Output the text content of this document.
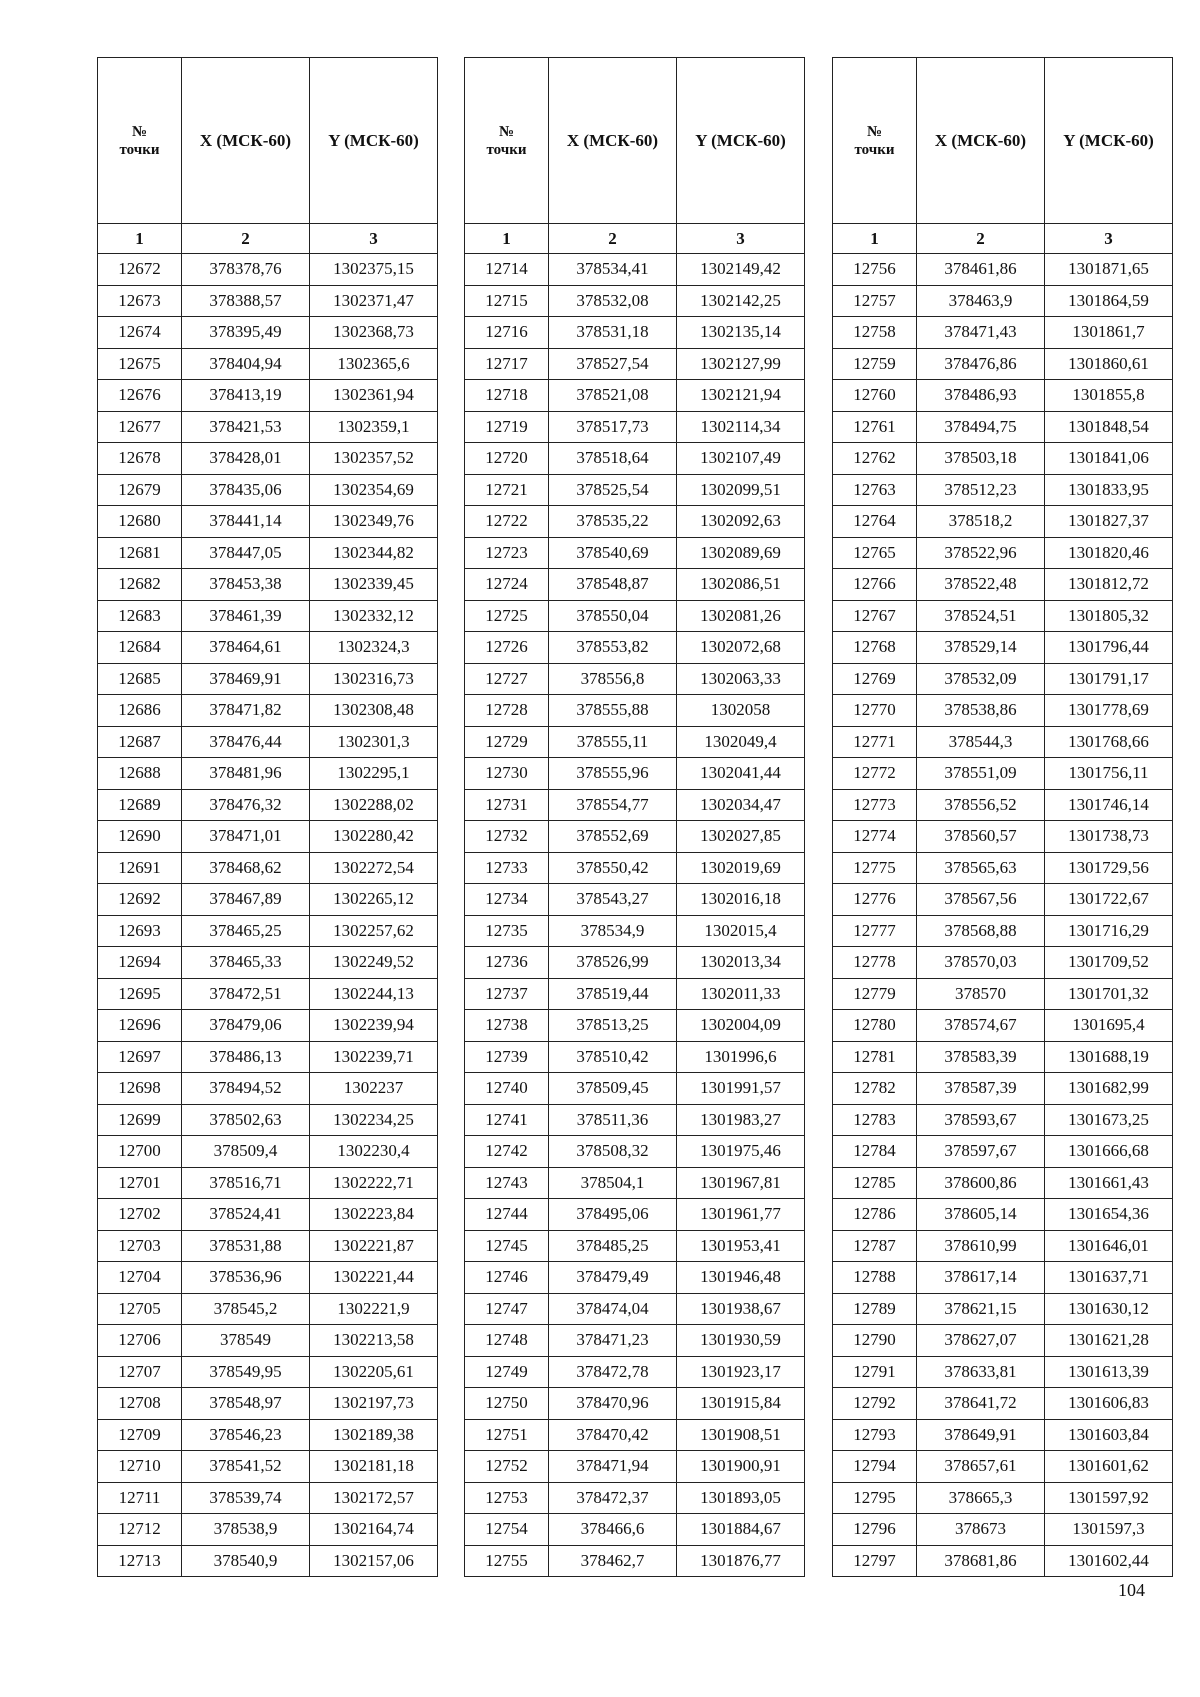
№
точки	X (МСК-60)	Y (МСК-60)
1	2	3
12672	378378,76	1302375,15
12673	378388,57	1302371,47
12674	378395,49	1302368,73
12675	378404,94	1302365,6
12676	378413,19	1302361,94
12677	378421,53	1302359,1
12678	378428,01	1302357,52
12679	378435,06	1302354,69
12680	378441,14	1302349,76
12681	378447,05	1302344,82
12682	378453,38	1302339,45
12683	378461,39	1302332,12
12684	378464,61	1302324,3
12685	378469,91	1302316,73
12686	378471,82	1302308,48
12687	378476,44	1302301,3
12688	378481,96	1302295,1
12689	378476,32	1302288,02
12690	378471,01	1302280,42
12691	378468,62	1302272,54
12692	378467,89	1302265,12
12693	378465,25	1302257,62
12694	378465,33	1302249,52
12695	378472,51	1302244,13
12696	378479,06	1302239,94
12697	378486,13	1302239,71
12698	378494,52	1302237
12699	378502,63	1302234,25
12700	378509,4	1302230,4
12701	378516,71	1302222,71
12702	378524,41	1302223,84
12703	378531,88	1302221,87
12704	378536,96	1302221,44
12705	378545,2	1302221,9
12706	378549	1302213,58
12707	378549,95	1302205,61
12708	378548,97	1302197,73
12709	378546,23	1302189,38
12710	378541,52	1302181,18
12711	378539,74	1302172,57
12712	378538,9	1302164,74
12713	378540,9	1302157,06
№
точки	X (МСК-60)	Y (МСК-60)
1	2	3
12714	378534,41	1302149,42
12715	378532,08	1302142,25
12716	378531,18	1302135,14
12717	378527,54	1302127,99
12718	378521,08	1302121,94
12719	378517,73	1302114,34
12720	378518,64	1302107,49
12721	378525,54	1302099,51
12722	378535,22	1302092,63
12723	378540,69	1302089,69
12724	378548,87	1302086,51
12725	378550,04	1302081,26
12726	378553,82	1302072,68
12727	378556,8	1302063,33
12728	378555,88	1302058
12729	378555,11	1302049,4
12730	378555,96	1302041,44
12731	378554,77	1302034,47
12732	378552,69	1302027,85
12733	378550,42	1302019,69
12734	378543,27	1302016,18
12735	378534,9	1302015,4
12736	378526,99	1302013,34
12737	378519,44	1302011,33
12738	378513,25	1302004,09
12739	378510,42	1301996,6
12740	378509,45	1301991,57
12741	378511,36	1301983,27
12742	378508,32	1301975,46
12743	378504,1	1301967,81
12744	378495,06	1301961,77
12745	378485,25	1301953,41
12746	378479,49	1301946,48
12747	378474,04	1301938,67
12748	378471,23	1301930,59
12749	378472,78	1301923,17
12750	378470,96	1301915,84
12751	378470,42	1301908,51
12752	378471,94	1301900,91
12753	378472,37	1301893,05
12754	378466,6	1301884,67
12755	378462,7	1301876,77
№
точки	X (МСК-60)	Y (МСК-60)
1	2	3
12756	378461,86	1301871,65
12757	378463,9	1301864,59
12758	378471,43	1301861,7
12759	378476,86	1301860,61
12760	378486,93	1301855,8
12761	378494,75	1301848,54
12762	378503,18	1301841,06
12763	378512,23	1301833,95
12764	378518,2	1301827,37
12765	378522,96	1301820,46
12766	378522,48	1301812,72
12767	378524,51	1301805,32
12768	378529,14	1301796,44
12769	378532,09	1301791,17
12770	378538,86	1301778,69
12771	378544,3	1301768,66
12772	378551,09	1301756,11
12773	378556,52	1301746,14
12774	378560,57	1301738,73
12775	378565,63	1301729,56
12776	378567,56	1301722,67
12777	378568,88	1301716,29
12778	378570,03	1301709,52
12779	378570	1301701,32
12780	378574,67	1301695,4
12781	378583,39	1301688,19
12782	378587,39	1301682,99
12783	378593,67	1301673,25
12784	378597,67	1301666,68
12785	378600,86	1301661,43
12786	378605,14	1301654,36
12787	378610,99	1301646,01
12788	378617,14	1301637,71
12789	378621,15	1301630,12
12790	378627,07	1301621,28
12791	378633,81	1301613,39
12792	378641,72	1301606,83
12793	378649,91	1301603,84
12794	378657,61	1301601,62
12795	378665,3	1301597,92
12796	378673	1301597,3
12797	378681,86	1301602,44
104
